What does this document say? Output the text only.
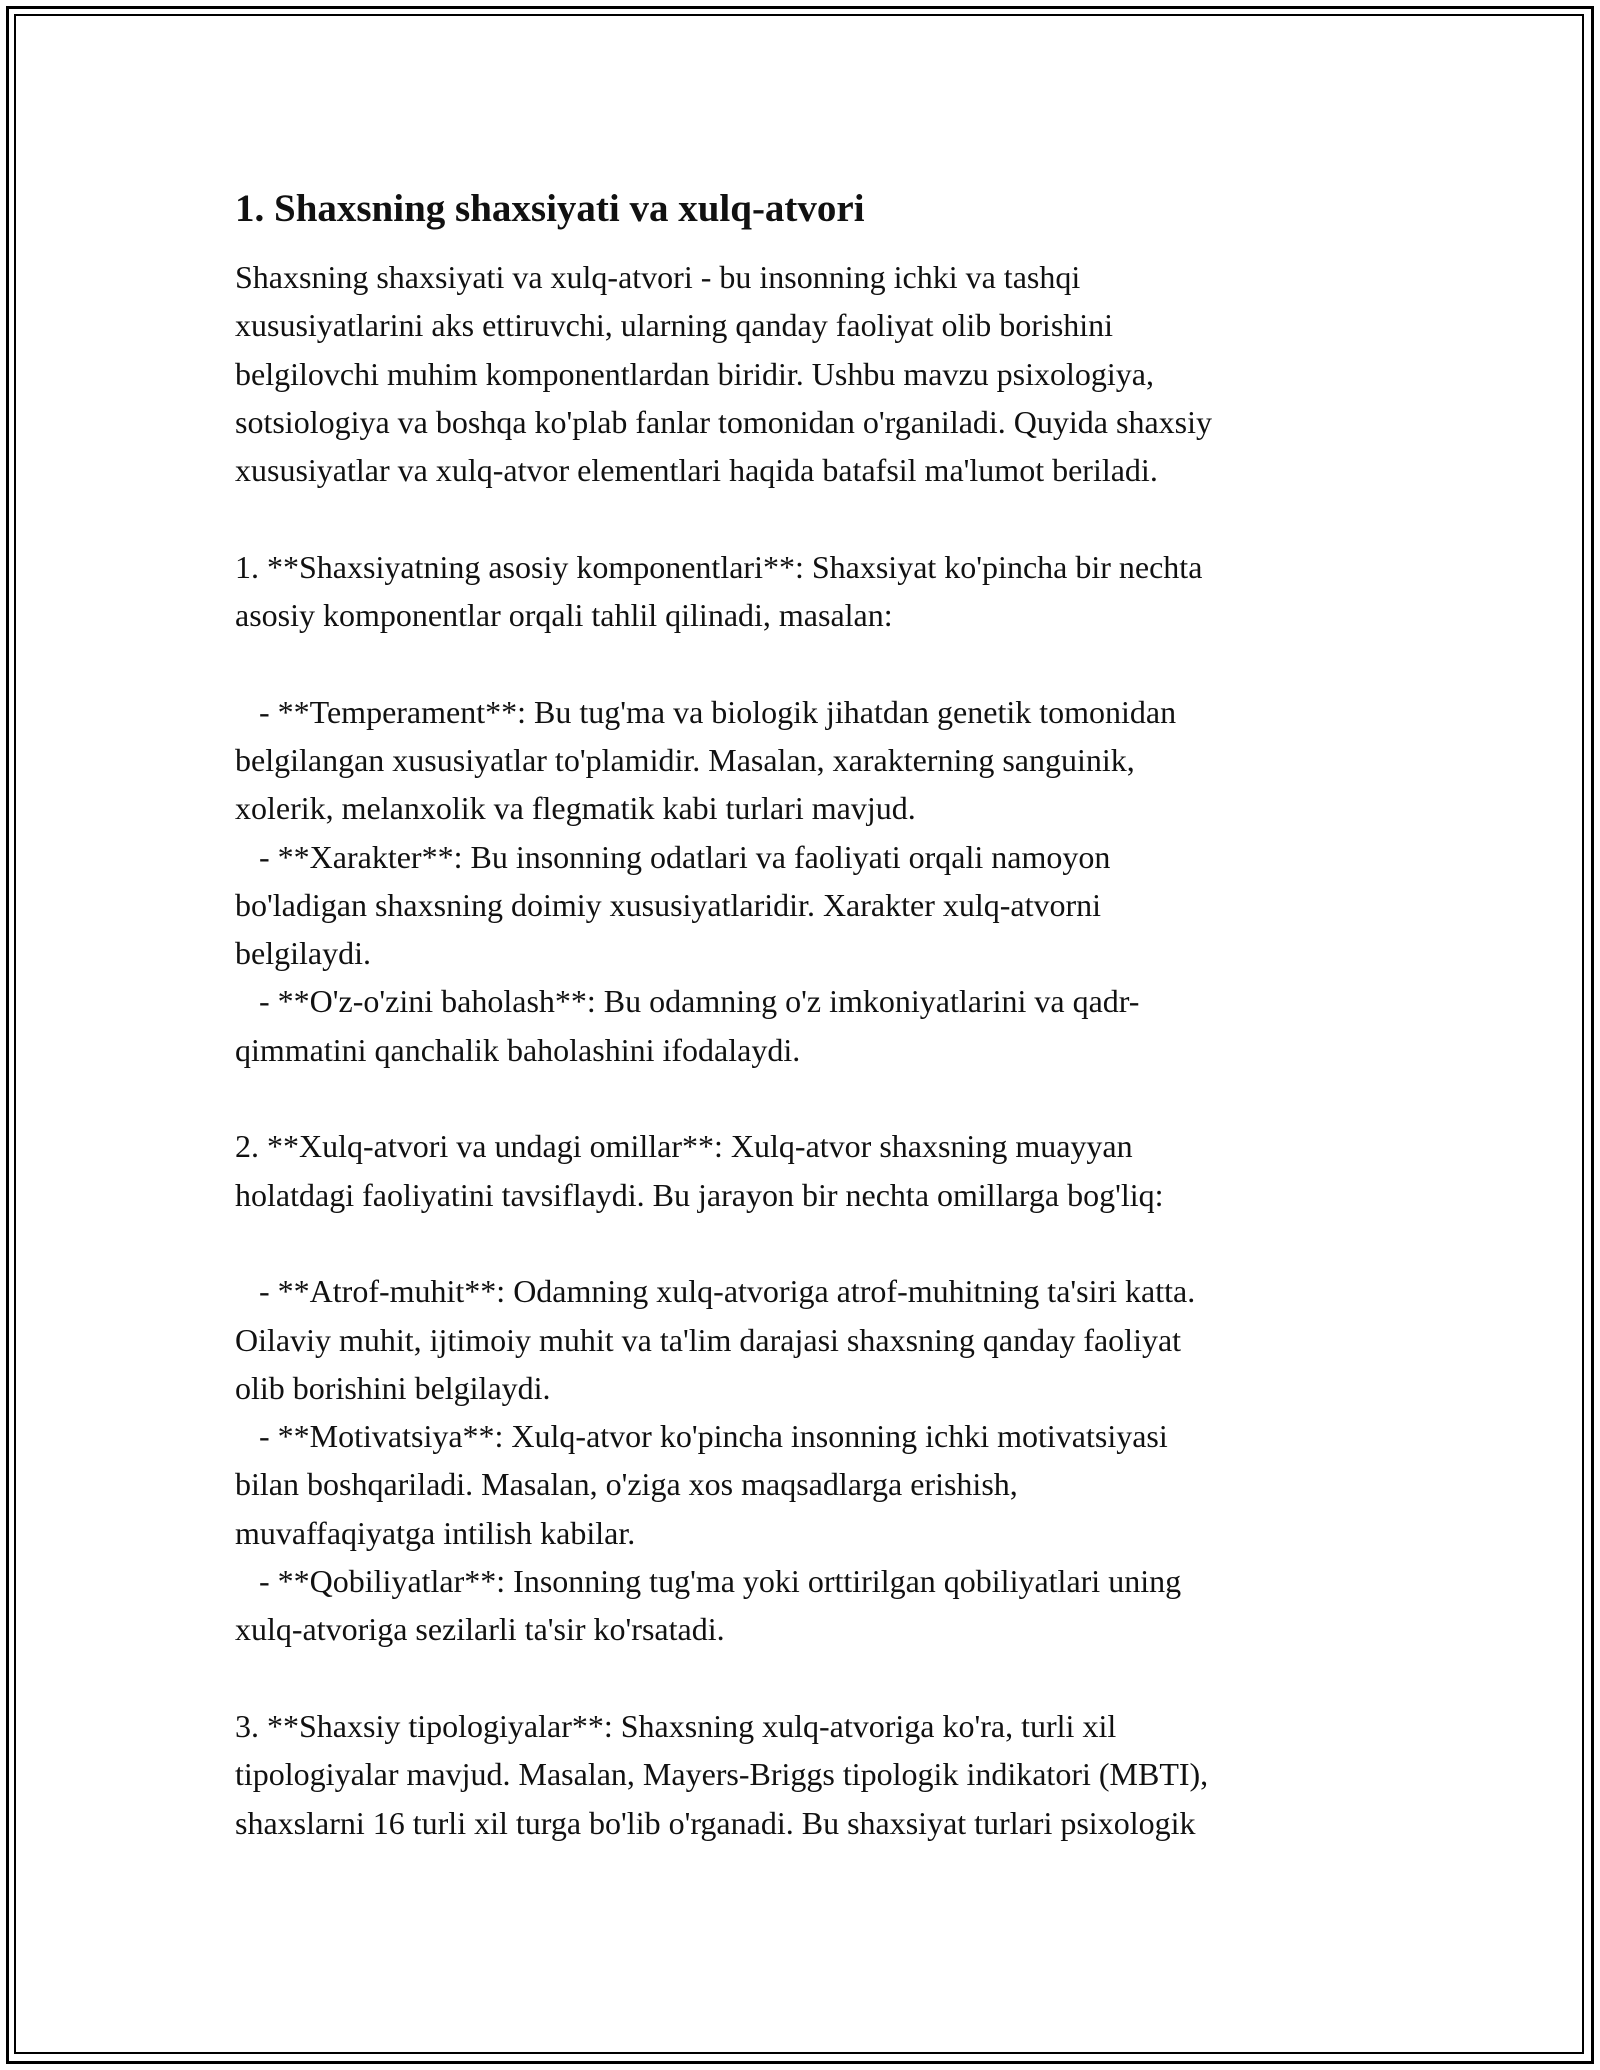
1. Shaxsning shaxsiyati va xulq-atvori
Shaxsning shaxsiyati va xulq-atvori - bu insonning ichki va tashqi
xususiyatlarini aks ettiruvchi, ularning qanday faoliyat olib borishini
belgilovchi muhim komponentlardan biridir. Ushbu mavzu psixologiya,
sotsiologiya va boshqa ko'plab fanlar tomonidan o'rganiladi. Quyida shaxsiy
xususiyatlar va xulq-atvor elementlari haqida batafsil ma'lumot beriladi.
1. **Shaxsiyatning asosiy komponentlari**: Shaxsiyat ko'pincha bir nechta
asosiy komponentlar orqali tahlil qilinadi, masalan:
- **Temperament**: Bu tug'ma va biologik jihatdan genetik tomonidan
belgilangan xususiyatlar to'plamidir. Masalan, xarakterning sanguinik,
xolerik, melanxolik va flegmatik kabi turlari mavjud.
- **Xarakter**: Bu insonning odatlari va faoliyati orqali namoyon
bo'ladigan shaxsning doimiy xususiyatlaridir. Xarakter xulq-atvorni
belgilaydi.
- **O'z-o'zini baholash**: Bu odamning o'z imkoniyatlarini va qadr-
qimmatini qanchalik baholashini ifodalaydi.
2. **Xulq-atvori va undagi omillar**: Xulq-atvor shaxsning muayyan
holatdagi faoliyatini tavsiflaydi. Bu jarayon bir nechta omillarga bog'liq:
- **Atrof-muhit**: Odamning xulq-atvoriga atrof-muhitning ta'siri katta.
Oilaviy muhit, ijtimoiy muhit va ta'lim darajasi shaxsning qanday faoliyat
olib borishini belgilaydi.
- **Motivatsiya**: Xulq-atvor ko'pincha insonning ichki motivatsiyasi
bilan boshqariladi. Masalan, o'ziga xos maqsadlarga erishish,
muvaffaqiyatga intilish kabilar.
- **Qobiliyatlar**: Insonning tug'ma yoki orttirilgan qobiliyatlari uning
xulq-atvoriga sezilarli ta'sir ko'rsatadi.
3. **Shaxsiy tipologiyalar**: Shaxsning xulq-atvoriga ko'ra, turli xil
tipologiyalar mavjud. Masalan, Mayers-Briggs tipologik indikatori (MBTI),
shaxslarni 16 turli xil turga bo'lib o'rganadi. Bu shaxsiyat turlari psixologik
